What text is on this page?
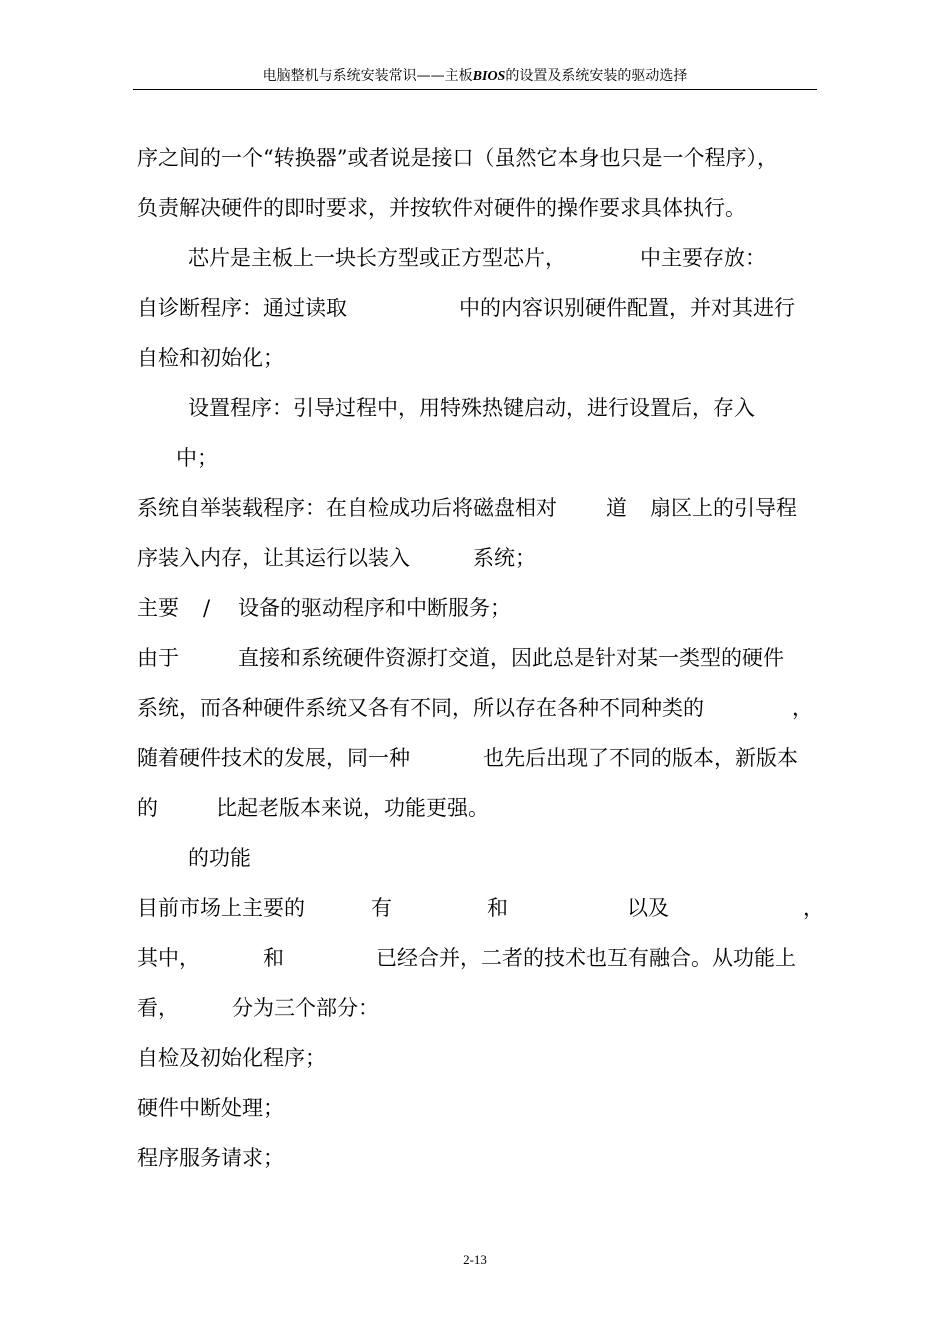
电脑整机与系统安装常识——主板BIOS的设置及系统安装的驱动选择
序之间的一个“转换器”或者说是接口（虽然它本身也只是一个程序），
负责解决硬件的即时要求，并按软件对硬件的操作要求具体执行。
芯片是主板上一块长方型或正方型芯片，	中主要存放：
自诊断程序：通过读取	中的内容识别硬件配置，并对其进行
自检和初始化；
设置程序：引导过程中，用特殊热键启动，进行设置后，存入
中；
系统自举装载程序：在自检成功后将磁盘相对 道 扇区上的引导程
序装入内存，让其运行以装入	系统；
主要 / 设备的驱动程序和中断服务；
由于	直接和系统硬件资源打交道，因此总是针对某一类型的硬件
系统，而各种硬件系统又各有不同，所以存在各种不同种类的	，
随着硬件技术的发展，同一种	也先后出现了不同的版本，新版本
的	比起老版本来说，功能更强。
的功能
目前市场上主要的	有	和	以及	，
其中，	和	已经合并，二者的技术也互有融合。从功能上
看，	分为三个部分：
自检及初始化程序；
硬件中断处理；
程序服务请求；
2-13
